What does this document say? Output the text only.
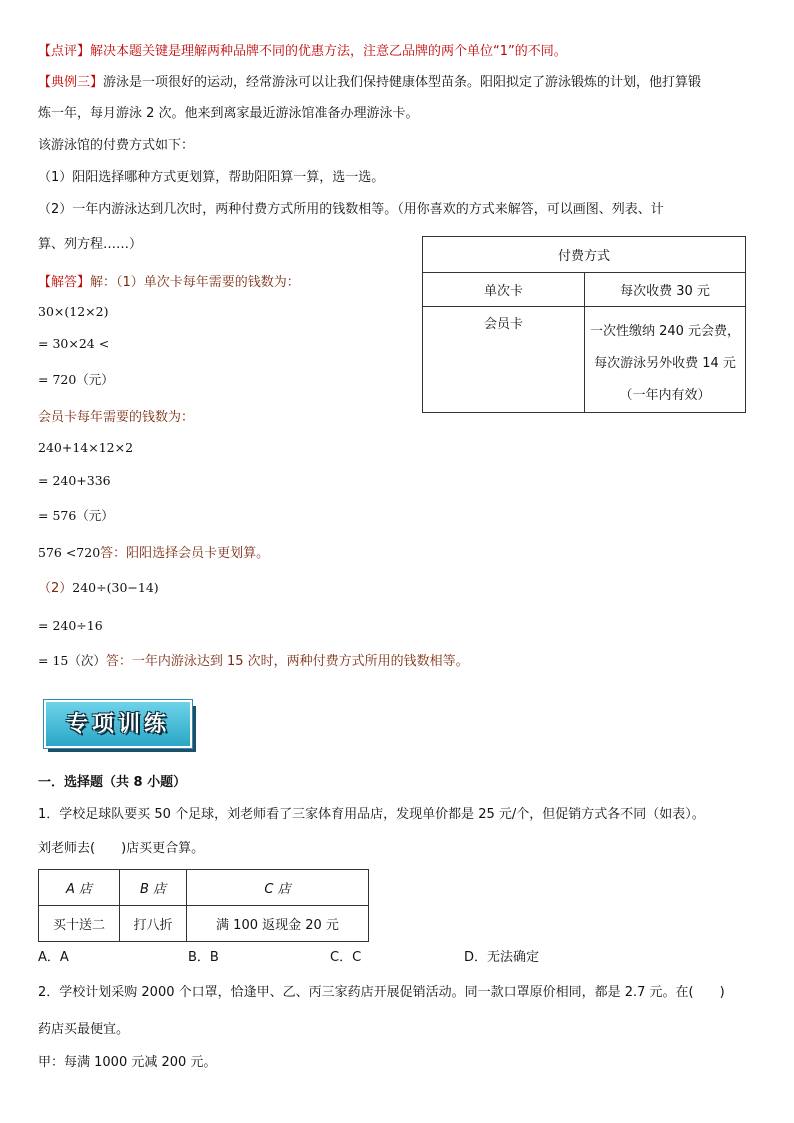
【点评】解决本题关键是理解两种品牌不同的优惠方法，注意乙品牌的两个单位“1”的不同。
【典例三】游泳是一项很好的运动，经常游泳可以让我们保持健康体型苗条。阳阳拟定了游泳锻炼的计划，他打算锻
炼一年，每月游泳 2 次。他来到离家最近游泳馆准备办理游泳卡。
该游泳馆的付费方式如下：
（1）阳阳选择哪种方式更划算，帮助阳阳算一算，选一选。
（2）一年内游泳达到几次时，两种付费方式所用的钱数相等。（用你喜欢的方式来解答，可以画图、列表、计
算、列方程……）
付费方式	
单次卡	每次收费 30 元
会员卡	一次性缴纳 240 元会费，
每次游泳另外收费 14 元
（一年内有效）
【解答】解：（1）单次卡每年需要的钱数为：
30×(12×2)
= 30×24 <
= 720（元）
会员卡每年需要的钱数为：
240+14×12×2
= 240+336
= 576（元）
576 <720答：阳阳选择会员卡更划算。
（2）240÷(30−14)
= 240÷16
= 15（次）答：一年内游泳达到 15 次时，两种付费方式所用的钱数相等。
专项训练
一．选择题（共 8 小题）
1．学校足球队要买 50 个足球，刘老师看了三家体育用品店，发现单价都是 25 元/个，但促销方式各不同（如表）。
刘老师去(　　)店买更合算。
A 店	B 店	C 店
买十送二	打八折	满 100 返现金 20 元
A．A	B．B	C．C	D．无法确定
2．学校计划采购 2000 个口罩，恰逢甲、乙、丙三家药店开展促销活动。同一款口罩原价相同，都是 2.7 元。在(　　)
药店买最便宜。
甲：每满 1000 元减 200 元。
